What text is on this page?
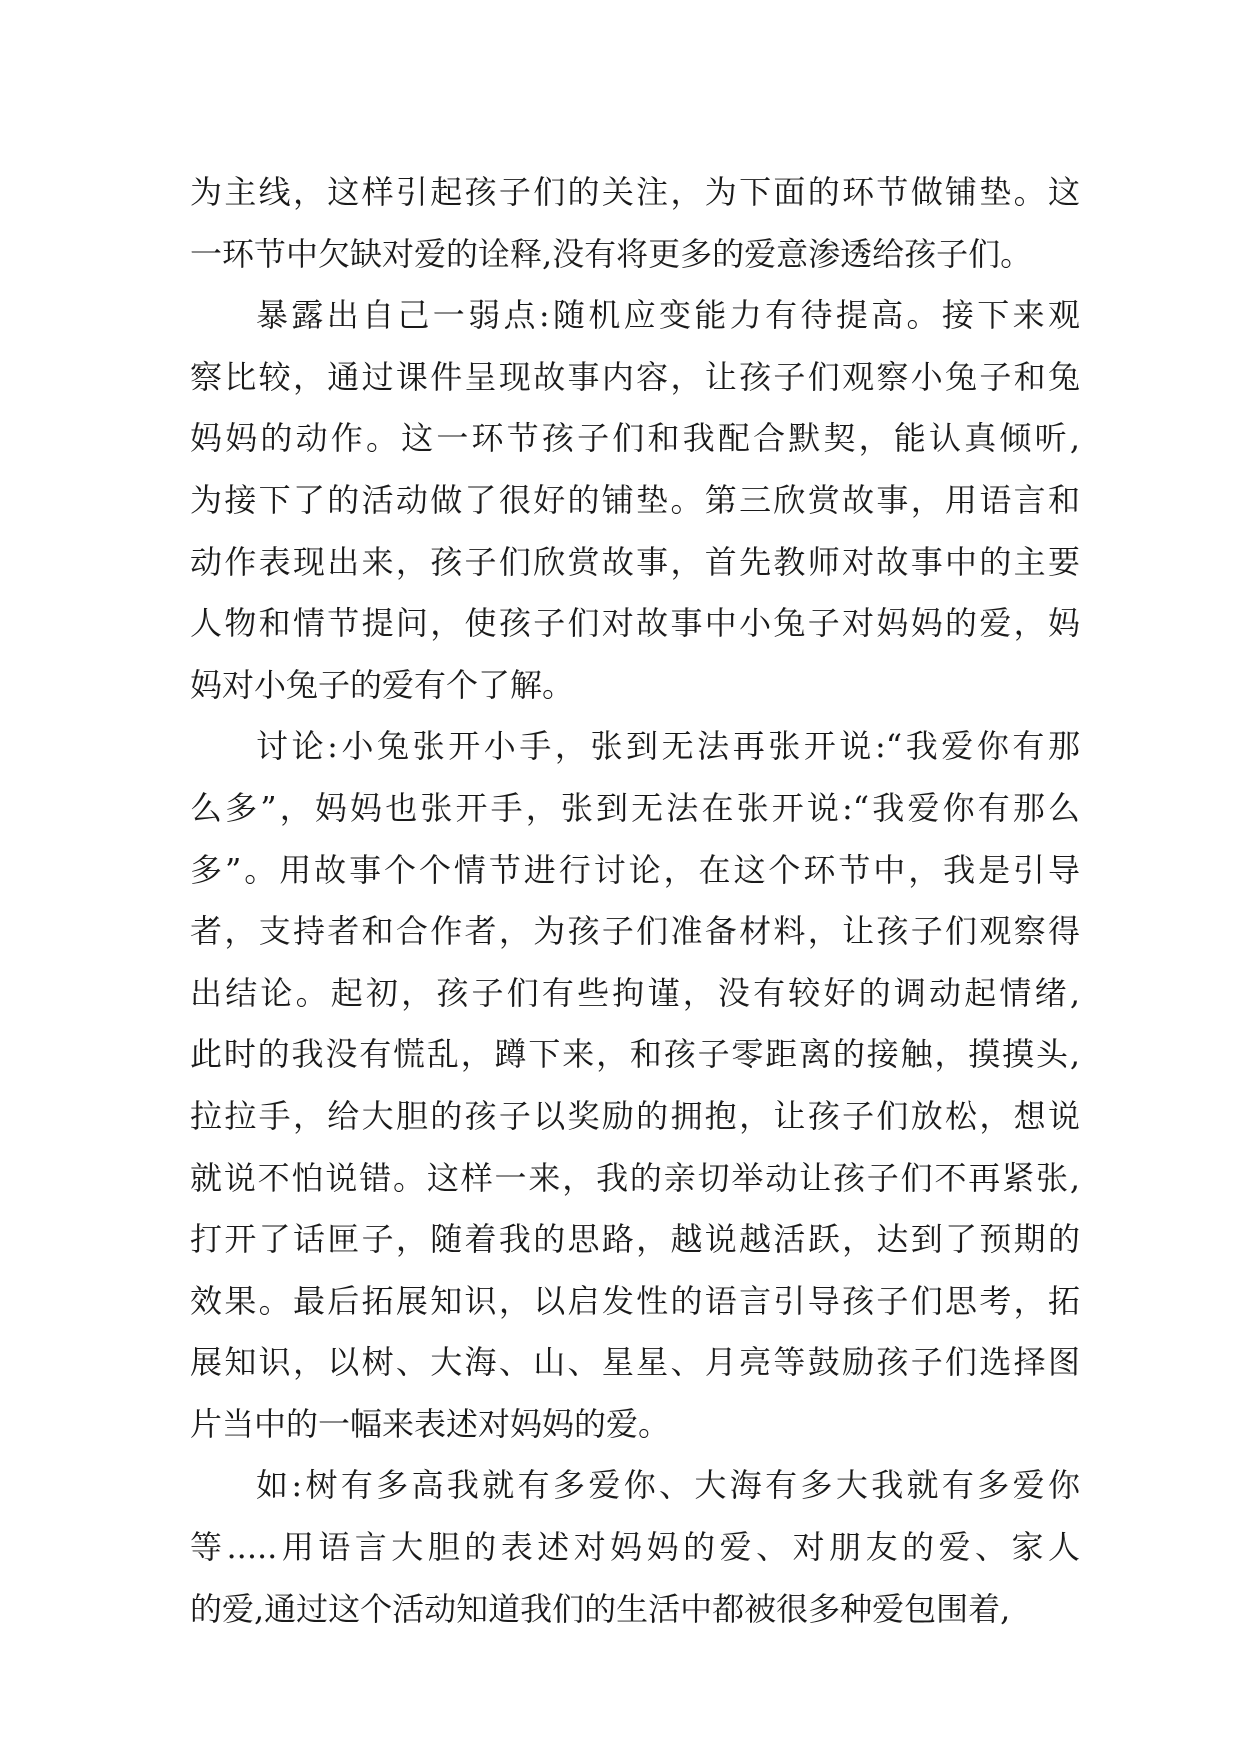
为主线，这样引起孩子们的关注，为下面的环节做铺垫。这
一环节中欠缺对爱的诠释,没有将更多的爱意渗透给孩子们。
暴露出自己一弱点:随机应变能力有待提高。接下来观
察比较，通过课件呈现故事内容，让孩子们观察小兔子和兔
妈妈的动作。这一环节孩子们和我配合默契，能认真倾听,
为接下了的活动做了很好的铺垫。第三欣赏故事，用语言和
动作表现出来，孩子们欣赏故事，首先教师对故事中的主要
人物和情节提问，使孩子们对故事中小兔子对妈妈的爱，妈
妈对小兔子的爱有个了解。
讨论:小兔张开小手，张到无法再张开说:“我爱你有那
么多”，妈妈也张开手，张到无法在张开说:“我爱你有那么
多”。用故事个个情节进行讨论，在这个环节中，我是引导
者，支持者和合作者，为孩子们准备材料，让孩子们观察得
出结论。起初，孩子们有些拘谨，没有较好的调动起情绪,
此时的我没有慌乱，蹲下来，和孩子零距离的接触，摸摸头,
拉拉手，给大胆的孩子以奖励的拥抱，让孩子们放松，想说
就说不怕说错。这样一来，我的亲切举动让孩子们不再紧张,
打开了话匣子，随着我的思路，越说越活跃，达到了预期的
效果。最后拓展知识，以启发性的语言引导孩子们思考，拓
展知识，以树、大海、山、星星、月亮等鼓励孩子们选择图
片当中的一幅来表述对妈妈的爱。
如:树有多高我就有多爱你、大海有多大我就有多爱你
等.....用语言大胆的表述对妈妈的爱、对朋友的爱、家人
的爱,通过这个活动知道我们的生活中都被很多种爱包围着,
